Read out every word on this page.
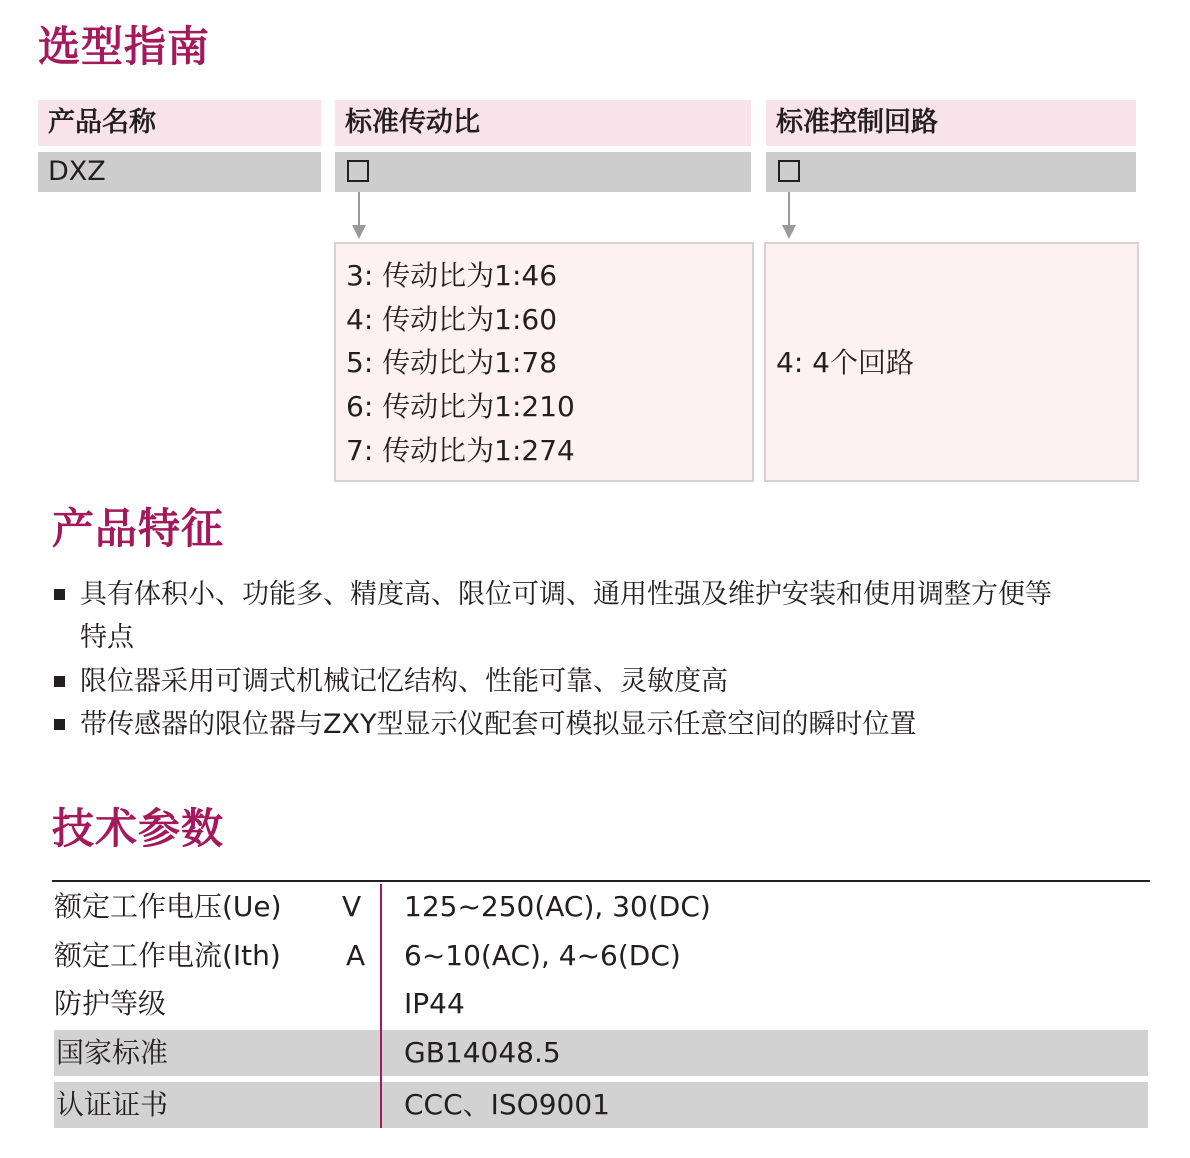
选型指南
产品名称	标准传动比	标准控制回路
DXZ
3: 传动比为1:46
4: 传动比为1:60
5: 传动比为1:78
6: 传动比为1:210
7: 传动比为1:274
4: 4个回路
产品特征
具有体积小、功能多、精度高、限位可调、通用性强及维护安装和使用调整方便等
特点
限位器采用可调式机械记忆结构、性能可靠、灵敏度高
带传感器的限位器与ZXY型显示仪配套可模拟显示任意空间的瞬时位置
技术参数
额定工作电压(Ue) V 125~250(AC), 30(DC)
额定工作电流(Ith) A 6~10(AC), 4~6(DC)
防护等级	IP44
国家标准	GB14048.5
认证证书	CCC、ISO9001
